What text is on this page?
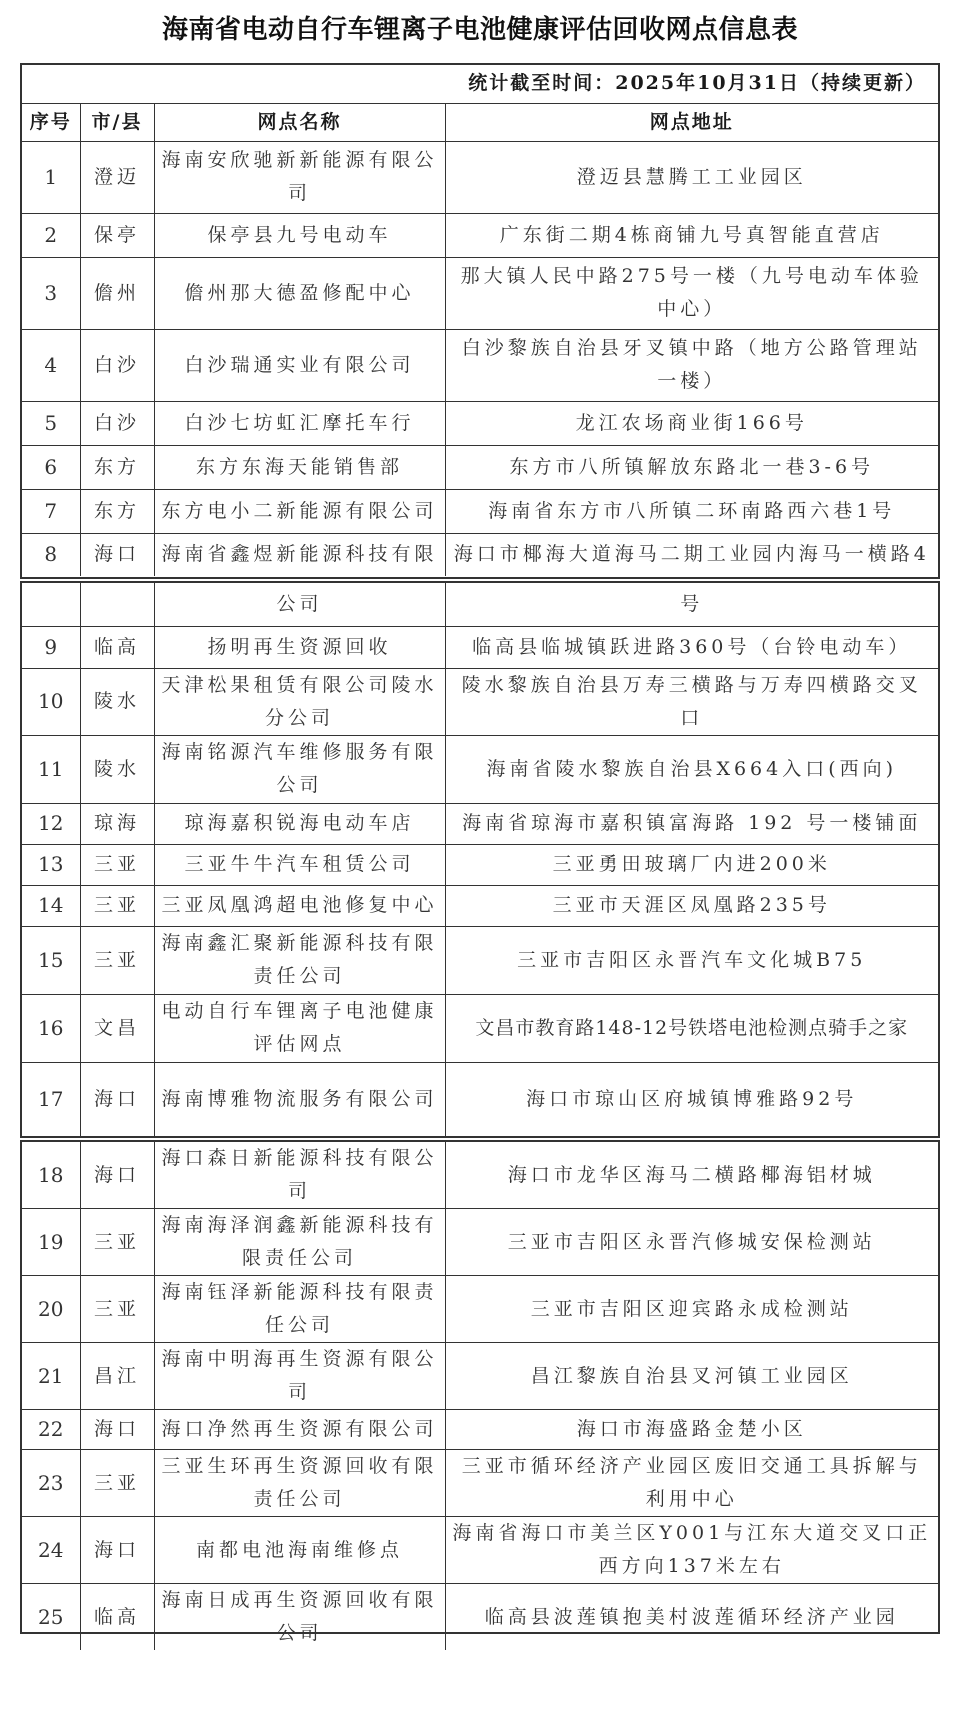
海南省电动自行车锂离子电池健康评估回收网点信息表
统计截至时间：2025年10月31日（持续更新）			
序号	市/县	网点名称	网点地址
1	澄迈	海南安欣驰新新能源有限公司	澄迈县慧腾工工业园区
2	保亭	保亭县九号电动车	广东街二期4栋商铺九号真智能直营店
3	儋州	儋州那大德盈修配中心	那大镇人民中路275号一楼（九号电动车体验中心）
4	白沙	白沙瑞通实业有限公司	白沙黎族自治县牙叉镇中路（地方公路管理站一楼）
5	白沙	白沙七坊虹汇摩托车行	龙江农场商业街166号
6	东方	东方东海天能销售部	东方市八所镇解放东路北一巷3-6号
7	东方	东方电小二新能源有限公司	海南省东方市八所镇二环南路西六巷1号
8	海口	海南省鑫煜新能源科技有限	海口市椰海大道海马二期工业园内海马一横路4
		公司	号
9	临高	扬明再生资源回收	临高县临城镇跃进路360号（台铃电动车）
10	陵水	天津松果租赁有限公司陵水分公司	陵水黎族自治县万寿三横路与万寿四横路交叉口
11	陵水	海南铭源汽车维修服务有限公司	海南省陵水黎族自治县X664入口(西向)
12	琼海	琼海嘉积锐海电动车店	海南省琼海市嘉积镇富海路 192 号一楼铺面
13	三亚	三亚牛牛汽车租赁公司	三亚勇田玻璃厂内进200米
14	三亚	三亚凤凰鸿超电池修复中心	三亚市天涯区凤凰路235号
15	三亚	海南鑫汇聚新能源科技有限责任公司	三亚市吉阳区永晋汽车文化城B75
16	文昌	电动自行车锂离子电池健康评估网点	文昌市教育路148-12号铁塔电池检测点骑手之家
17	海口	海南博雅物流服务有限公司	海口市琼山区府城镇博雅路92号
18	海口	海口森日新能源科技有限公司	海口市龙华区海马二横路椰海铝材城
19	三亚	海南海泽润鑫新能源科技有限责任公司	三亚市吉阳区永晋汽修城安保检测站
20	三亚	海南钰泽新能源科技有限责任公司	三亚市吉阳区迎宾路永成检测站
21	昌江	海南中明海再生资源有限公司	昌江黎族自治县叉河镇工业园区
22	海口	海口净然再生资源有限公司	海口市海盛路金楚小区
23	三亚	三亚生环再生资源回收有限责任公司	三亚市循环经济产业园区废旧交通工具拆解与利用中心
24	海口	南都电池海南维修点	海南省海口市美兰区Y001与江东大道交叉口正西方向137米左右
25	临高	海南日成再生资源回收有限公司	临高县波莲镇抱美村波莲循环经济产业园
